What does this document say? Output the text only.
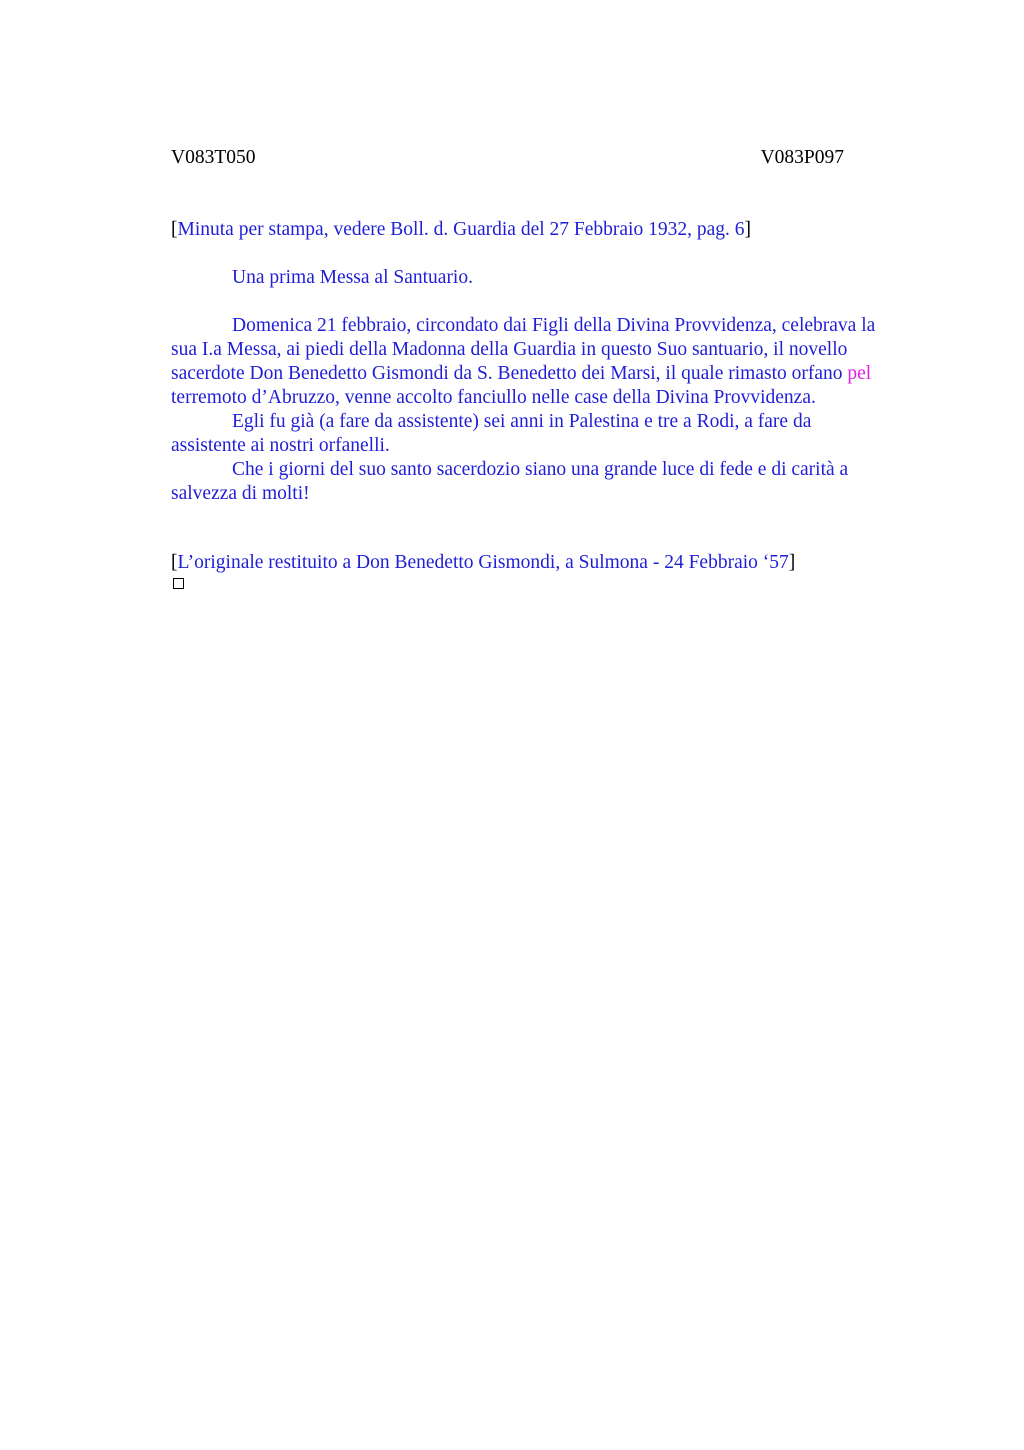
V083T050	V083P097
[Minuta per stampa, vedere Boll. d. Guardia del 27 Febbraio 1932, pag. 6]
Una prima Messa al Santuario.

Domenica 21 febbraio, circondato dai Figli della Divina Provvidenza, celebrava la

sua I.a Messa, ai piedi della Madonna della Guardia in questo Suo santuario, il novello

sacerdote Don Benedetto Gismondi da S. Benedetto dei Marsi, il quale rimasto orfano pel

terremoto d’Abruzzo, venne accolto fanciullo nelle case della Divina Provvidenza.

Egli fu già (a fare da assistente) sei anni in Palestina e tre a Rodi, a fare da

assistente ai nostri orfanelli.

Che i giorni del suo santo sacerdozio siano una grande luce di fede e di carità a

salvezza di molti!

[L’originale restituito a Don Benedetto Gismondi, a Sulmona - 24 Febbraio ‘57]
